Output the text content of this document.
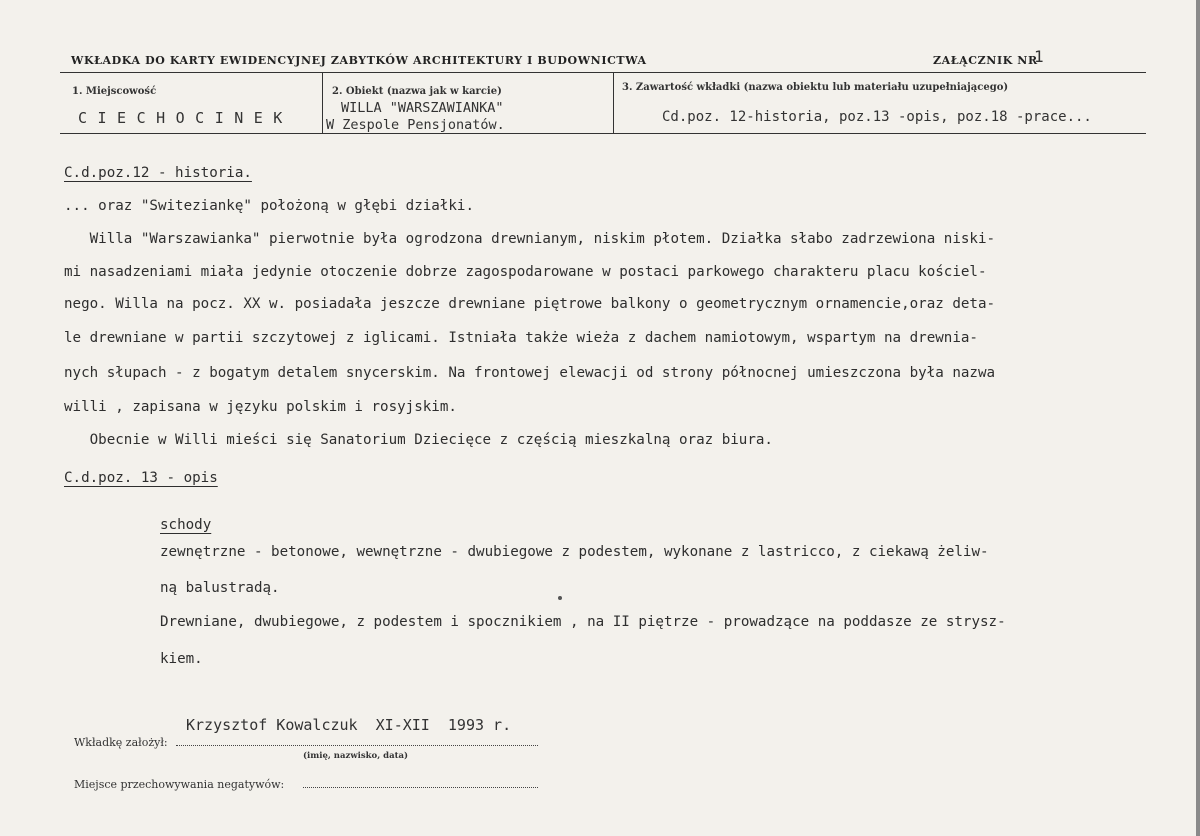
WKŁADKA DO KARTY EWIDENCYJNEJ ZABYTKÓW ARCHITEKTURY I BUDOWNICTWA	ZAŁĄCZNIK NR
1
1. Miejscowość
CIECHOCINEK
2. Obiekt (nazwa jak w karcie)
WILLA "WARSZAWIANKA"
W Zespole Pensjonatów.
3. Zawartość wkładki (nazwa obiektu lub materiału uzupełniającego)
Cd.poz. 12-historia, poz.13 -opis, poz.18 -prace...
C.d.poz.12 - historia.
... oraz "Switeziankę" położoną w głębi działki.
Willa "Warszawianka" pierwotnie była ogrodzona drewnianym, niskim płotem. Działka słabo zadrzewiona niski-
mi nasadzeniami miała jedynie otoczenie dobrze zagospodarowane w postaci parkowego charakteru placu kościel-
nego. Willa na pocz. XX w. posiadała jeszcze drewniane piętrowe balkony o geometrycznym ornamencie,oraz deta-
le drewniane w partii szczytowej z iglicami. Istniała także wieża z dachem namiotowym, wspartym na drewnia-
nych słupach - z bogatym detalem snycerskim. Na frontowej elewacji od strony północnej umieszczona była nazwa
willi , zapisana w języku polskim i rosyjskim.
Obecnie w Willi mieści się Sanatorium Dziecięce z częścią mieszkalną oraz biura.
C.d.poz. 13 - opis
schody
zewnętrzne - betonowe, wewnętrzne - dwubiegowe z podestem, wykonane z lastricco, z ciekawą żeliw-
ną balustradą.
Drewniane, dwubiegowe, z podestem i spocznikiem , na II piętrze - prowadzące na poddasze ze strysz-
kiem.
Krzysztof Kowalczuk  XI-XII  1993 r.
Wkładkę założył:
(imię, nazwisko, data)
Miejsce przechowywania negatywów:
